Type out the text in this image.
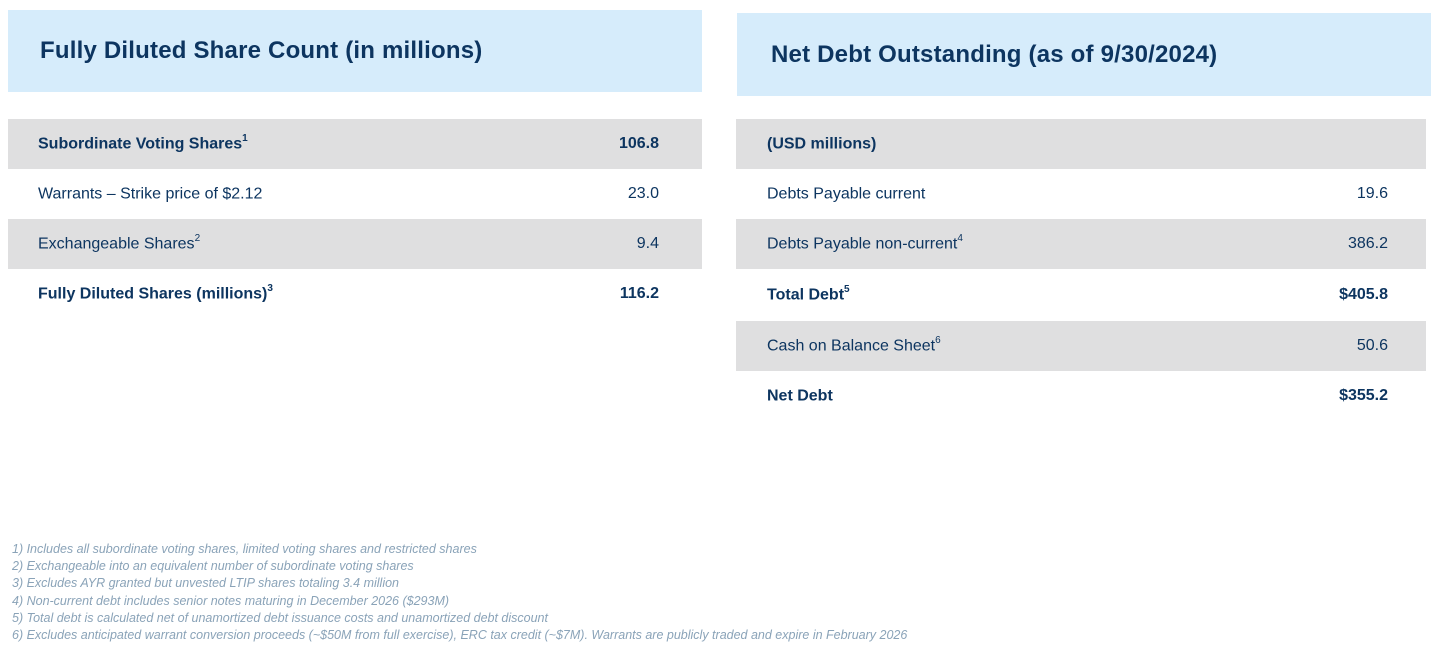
Fully Diluted Share Count (in millions)
Subordinate Voting Shares$^1$	106.8
Warrants – Strike price of $2.12	23.0
Exchangeable Shares$^2$	9.4
Fully Diluted Shares (millions)$^3$	116.2
Net Debt Outstanding (as of 9/30/2024)
(USD millions)
Debts Payable current	19.6
Debts Payable non-current$^4$	386.2
Total Debt$^5$	$405.8
Cash on Balance Sheet$^6$	50.6
Net Debt	$355.2
1) Includes all subordinate voting shares, limited voting shares and restricted shares
2) Exchangeable into an equivalent number of subordinate voting shares
3) Excludes AYR granted but unvested LTIP shares totaling 3.4 million
4) Non-current debt includes senior notes maturing in December 2026 ($293M)
5) Total debt is calculated net of unamortized debt issuance costs and unamortized debt discount
6) Excludes anticipated warrant conversion proceeds (~$50M from full exercise), ERC tax credit (~$7M). Warrants are publicly traded and expire in February 2026
